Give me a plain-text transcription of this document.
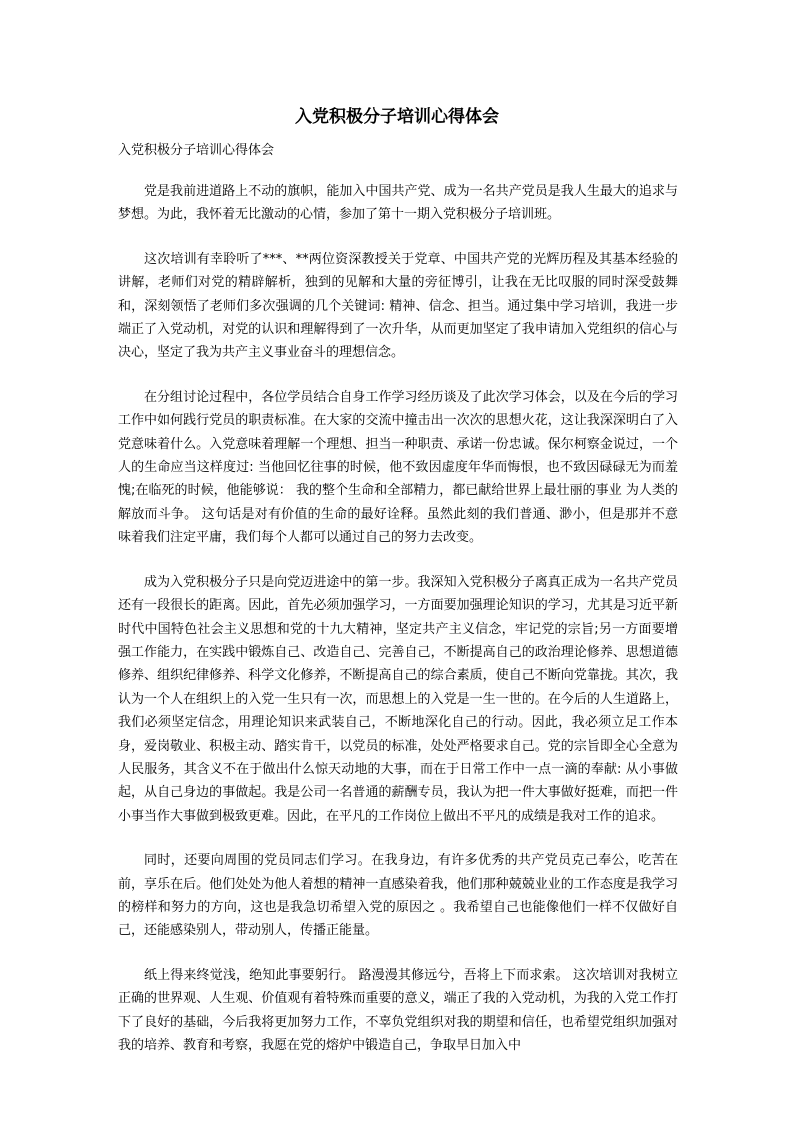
入党积极分子培训心得体会

入党积极分子培训心得体会

党是我前进道路上不动的旗帜，能加入中国共产党、成为一名共产党员是我人生最大的追求与梦想。为此，我怀着无比激动的心情，参加了第十一期入党积极分子培训班。

这次培训有幸聆听了***、**两位资深教授关于党章、中国共产党的光辉历程及其基本经验的讲解，老师们对党的精辟解析，独到的见解和大量的旁征博引，让我在无比叹服的同时深受鼓舞和，深刻领悟了老师们多次强调的几个关键词: 精神、信念、担当。通过集中学习培训，我进一步端正了入党动机，对党的认识和理解得到了一次升华，从而更加坚定了我申请加入党组织的信心与决心，坚定了我为共产主义事业奋斗的理想信念。

在分组讨论过程中，各位学员结合自身工作学习经历谈及了此次学习体会，以及在今后的学习工作中如何践行党员的职责标准。在大家的交流中撞击出一次次的思想火花，这让我深深明白了入党意味着什么。入党意味着理解一个理想、担当一种职责、承诺一份忠诚。保尔柯察金说过，一个人的生命应当这样度过: 当他回忆往事的时候，他不致因虚度年华而悔恨，也不致因碌碌无为而羞愧;在临死的时候，他能够说： 我的整个生命和全部精力，都已献给世界上最壮丽的事业 为人类的解放而斗争。 这句话是对有价值的生命的最好诠释。虽然此刻的我们普通、渺小，但是那并不意味着我们注定平庸，我们每个人都可以通过自己的努力去改变。

成为入党积极分子只是向党迈进途中的第一步。我深知入党积极分子离真正成为一名共产党员还有一段很长的距离。因此，首先必须加强学习，一方面要加强理论知识的学习，尤其是习近平新时代中国特色社会主义思想和党的十九大精神，坚定共产主义信念，牢记党的宗旨;另一方面要增强工作能力，在实践中锻炼自己、改造自己、完善自己，不断提高自己的政治理论修养、思想道德修养、组织纪律修养、科学文化修养，不断提高自己的综合素质，使自己不断向党靠拢。其次，我认为一个人在组织上的入党一生只有一次，而思想上的入党是一生一世的。在今后的人生道路上，我们必须坚定信念，用理论知识来武装自己，不断地深化自己的行动。因此，我必须立足工作本身，爱岗敬业、积极主动、踏实肯干，以党员的标准，处处严格要求自己。党的宗旨即全心全意为人民服务，其含义不在于做出什么惊天动地的大事，而在于日常工作中一点一滴的奉献: 从小事做起，从自己身边的事做起。我是公司一名普通的薪酬专员，我认为把一件大事做好挺难，而把一件小事当作大事做到极致更难。因此，在平凡的工作岗位上做出不平凡的成绩是我对工作的追求。

同时，还要向周围的党员同志们学习。在我身边，有许多优秀的共产党员克己奉公，吃苦在前，享乐在后。他们处处为他人着想的精神一直感染着我，他们那种兢兢业业的工作态度是我学习的榜样和努力的方向，这也是我急切希望入党的原因之 。我希望自己也能像他们一样不仅做好自己，还能感染别人，带动别人，传播正能量。

纸上得来终觉浅，绝知此事要躬行。 路漫漫其修远兮，吾将上下而求索。 这次培训对我树立正确的世界观、人生观、价值观有着特殊而重要的意义，端正了我的入党动机，为我的入党工作打下了良好的基础，今后我将更加努力工作，不辜负党组织对我的期望和信任，也希望党组织加强对我的培养、教育和考察，我愿在党的熔炉中锻造自己，争取早日加入中
